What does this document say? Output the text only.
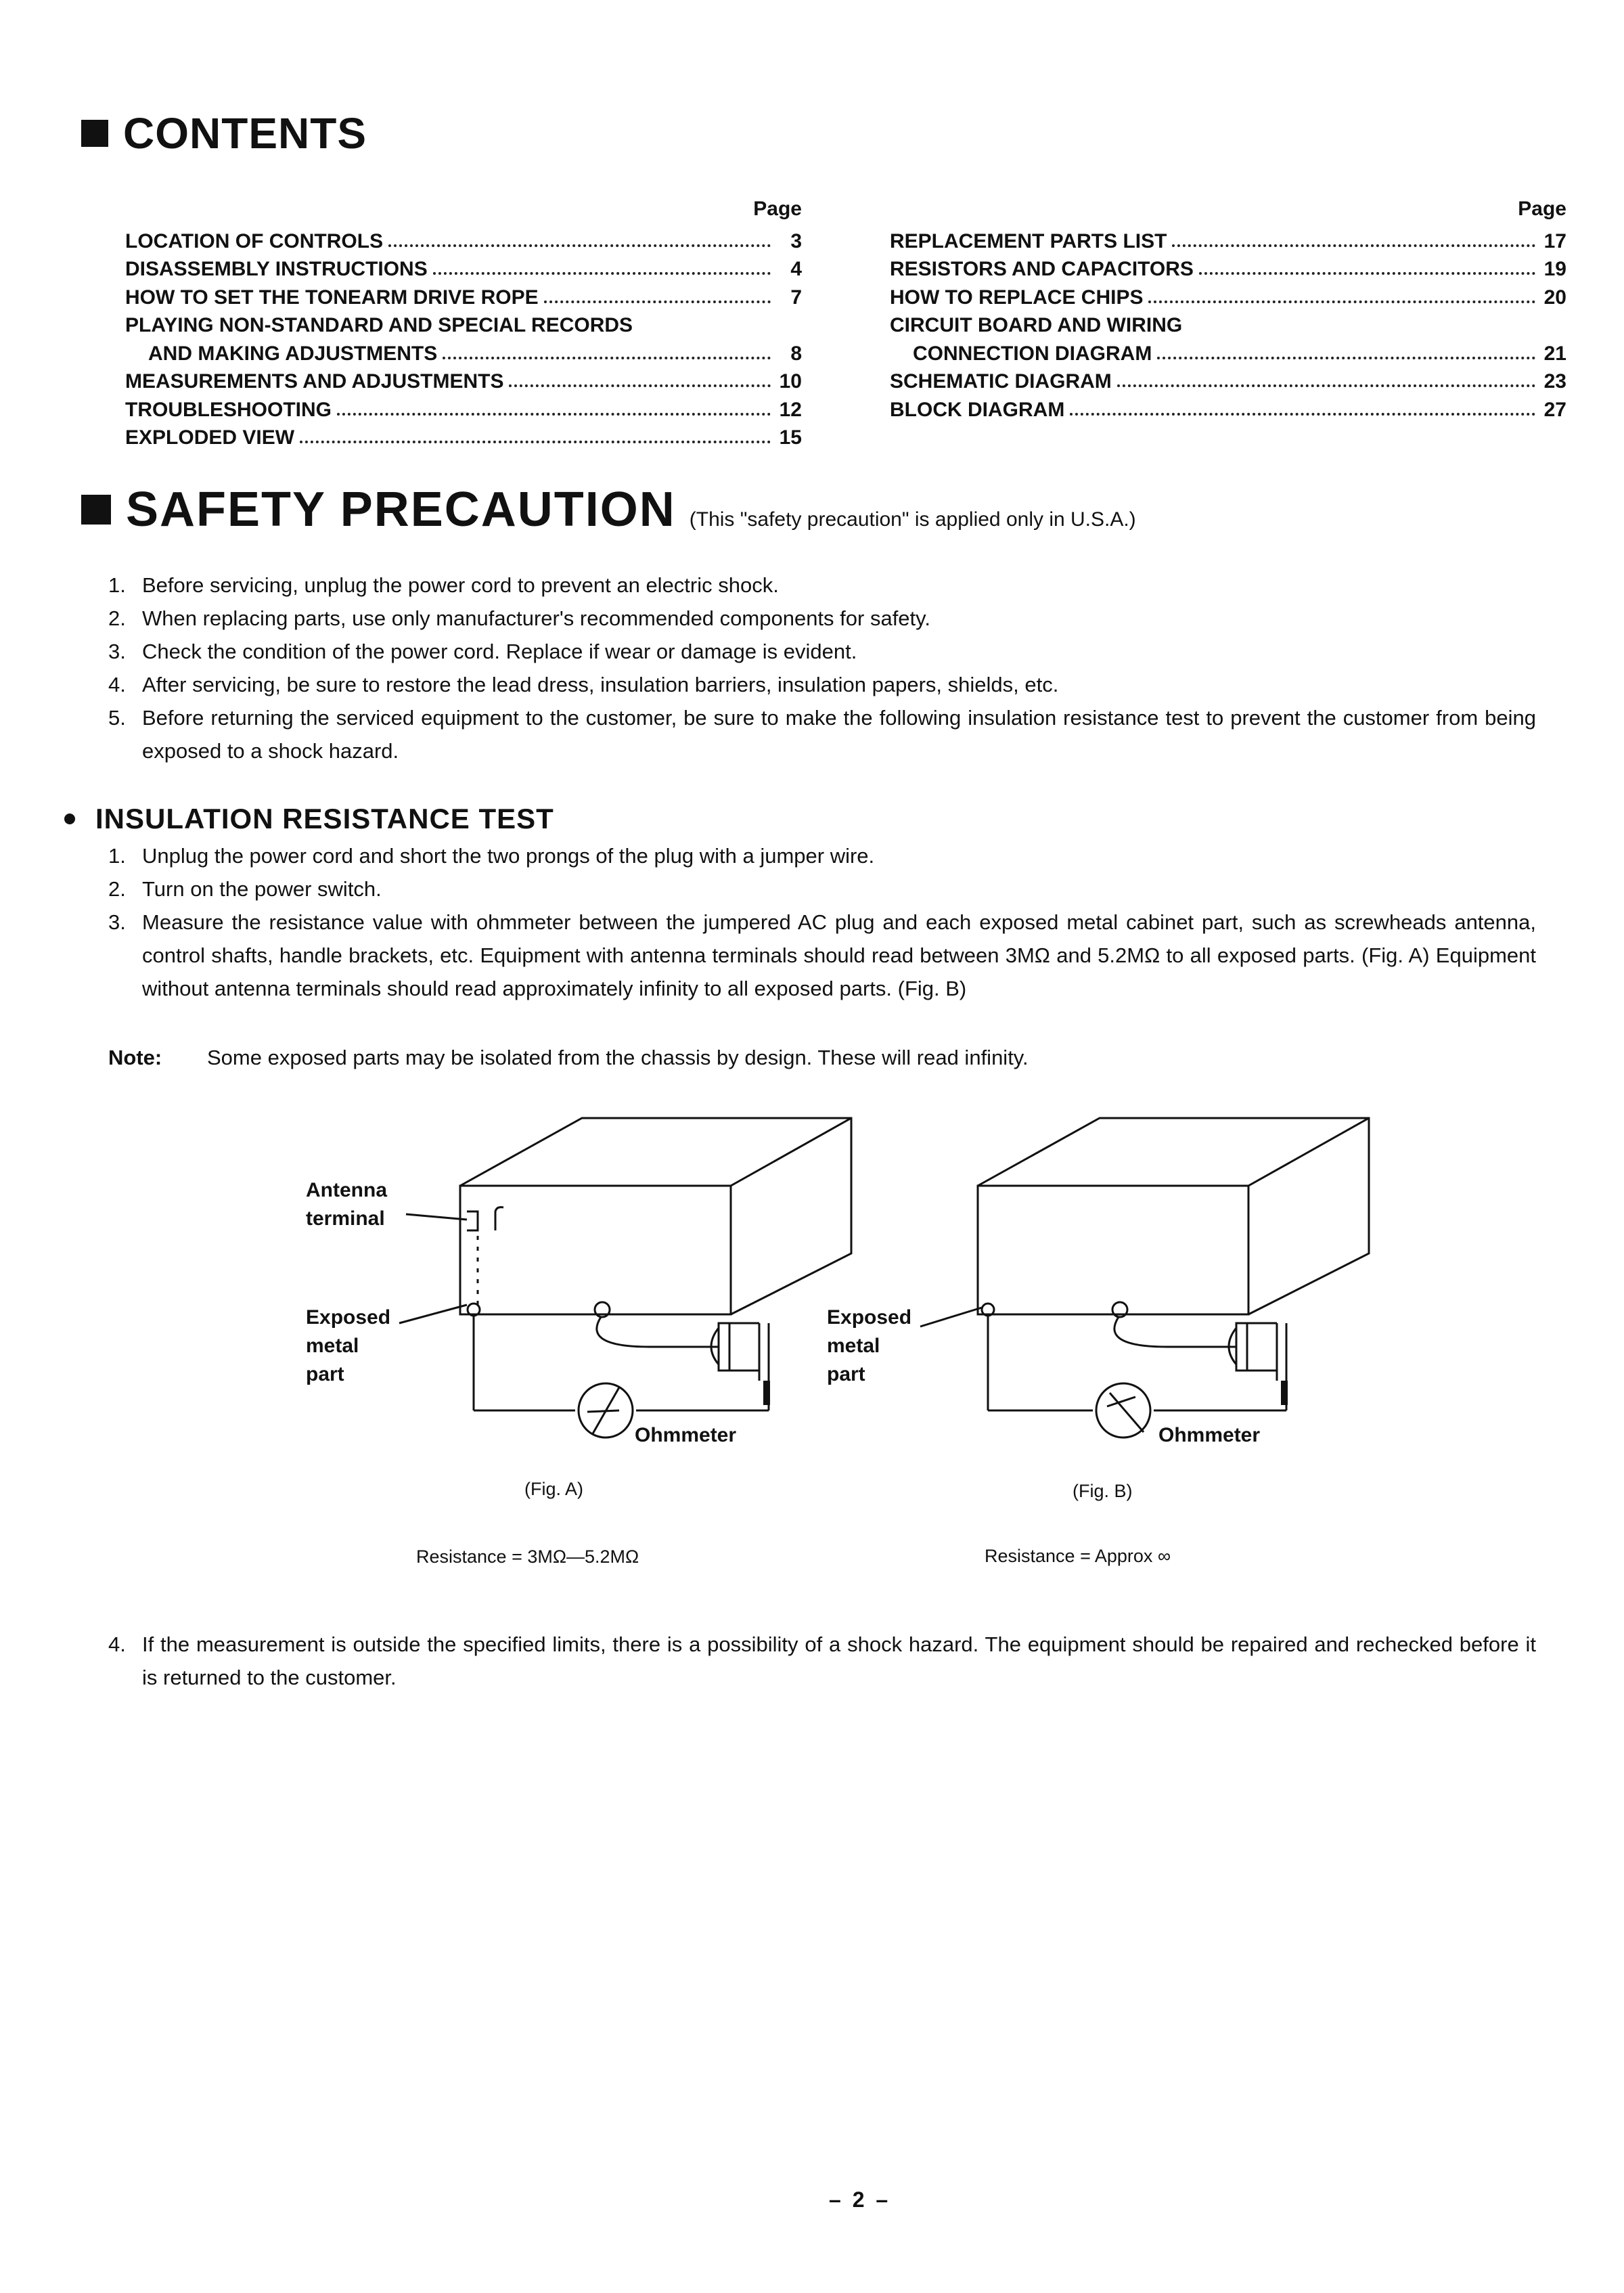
CONTENTS
Page
LOCATION OF CONTROLS	3
DISASSEMBLY INSTRUCTIONS	4
HOW TO SET THE TONEARM DRIVE ROPE	7
PLAYING NON-STANDARD AND SPECIAL RECORDS
AND MAKING ADJUSTMENTS	8
MEASUREMENTS AND ADJUSTMENTS	10
TROUBLESHOOTING	12
EXPLODED VIEW	15
Page
REPLACEMENT PARTS LIST	17
RESISTORS AND CAPACITORS	19
HOW TO REPLACE CHIPS	20
CIRCUIT BOARD AND WIRING
CONNECTION DIAGRAM	21
SCHEMATIC DIAGRAM	23
BLOCK DIAGRAM	27
SAFETY PRECAUTION (This "safety precaution" is applied only in U.S.A.)
1. Before servicing, unplug the power cord to prevent an electric shock.
2. When replacing parts, use only manufacturer's recommended components for safety.
3. Check the condition of the power cord. Replace if wear or damage is evident.
4. After servicing, be sure to restore the lead dress, insulation barriers, insulation papers, shields, etc.
5. Before returning the serviced equipment to the customer, be sure to make the following insulation resistance test to prevent the customer from being exposed to a shock hazard.
INSULATION RESISTANCE TEST
1. Unplug the power cord and short the two prongs of the plug with a jumper wire.
2. Turn on the power switch.
3. Measure the resistance value with ohmmeter between the jumpered AC plug and each exposed metal cabinet part, such as screwheads antenna, control shafts, handle brackets, etc. Equipment with antenna terminals should read between 3MΩ and 5.2MΩ to all exposed parts. (Fig. A) Equipment without antenna terminals should read approximately infinity to all exposed parts. (Fig. B)
Note:	Some exposed parts may be isolated from the chassis by design. These will read infinity.
Antenna
terminal
Exposed
metal
part
Ohmmeter
(Fig. A)
Resistance = 3MΩ—5.2MΩ
Exposed
metal
part
Ohmmeter
(Fig. B)
Resistance = Approx ∞
4. If the measurement is outside the specified limits, there is a possibility of a shock hazard. The equipment should be repaired and rechecked before it is returned to the customer.
– 2 –
